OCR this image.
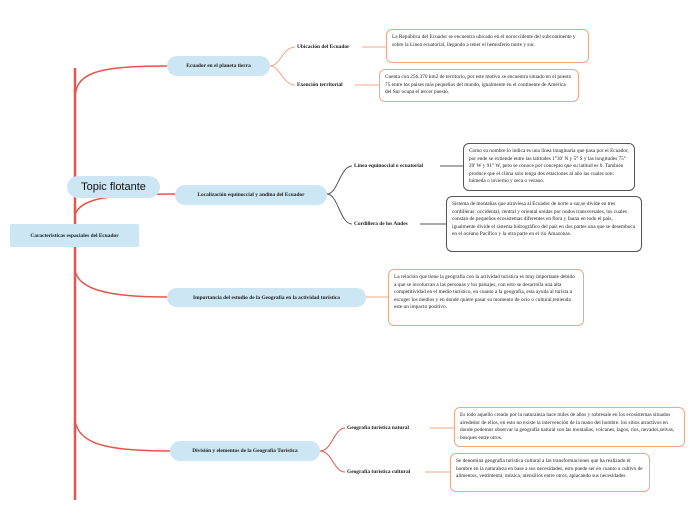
Caracteristicas espaciales del Ecuador
Topic flotante
Ecuador en el planeta tierra
Ubicación del Ecuador
Exención territorial
La República del Ecuador se encuentra ubicado en el noroccidente del subcontinente y sobre la Línea ecuatorial, llegando a tener el hemisferio norte y sur.
Cuenta con 256.370 km2 de territorio, por este motivo se encuentra situado en el puesto 75 entre los países más pequeños del mundo, igualmente en el continente de América del Sur ocupa el tercer puesto.
Localización equinoccial y andina del Ecuador
Línea equinoccial o ecuatorial
Cordillera de los Andes
Como su nombre lo indica es una línea imaginaria que pasa por el Ecuador, por ende se extiende entre las latitudes 1°30' N y 5° S y las longitudes 75° 20' W y 91° W, pero se conoce por concepto que su latitud es 0. También produce que el clima solo tenga dos estaciones al año las cuales son: húmeda o invierno y seca o verano.
Sistema de montañas que atraviesa al Ecuador de norte a sur,se divide en tres cordilleras: occidental, central y oriental unidas por nudos transversales, los cuales constan de pequeños ecosistemas diferentes en flora y fauna en todo el país, igualmente divide el sistema hidrográfico del país en dos partes una que se desemboca en el océano Pacífico y la otra parte en el río Amazonas.
Importancia del estudio de la Geografía en la actividad turística
La relación que tiene la geografía con la actividad turística es muy importante debido a que se involucran a las personas y los paisajes, con esto se desarrolla una alta competitividad en el medio turístico, en cuanto a la geografía, esta ayuda al turista a escoger los medios y en donde quiere pasar su momento de ocio o cultural,teniendo este un impacto positivo.
División y elementos de la Geografía Turística
Geografía turística natural
Geografía turística cultural
Es todo aquello creado por la naturaleza hace miles de años y sobresale en los ecosistemas situados alrededor de ellos, en esto no existe la intervención de la mano del hombre. los sitios atractivos en donde podemos observar la geografía natural son las montañas, volcanes, lagos, ríos, nevados,selvas, bosques entre otros.
Se denomina geografía turística cultural a las transformaciones que ha realizado el hombre en la naturaleza en base a sus necesidades, esto puede ser en cuanto a cultivo de alimentos, vestimenta, música, utensilios entre otros, aplacando sus necesidades
